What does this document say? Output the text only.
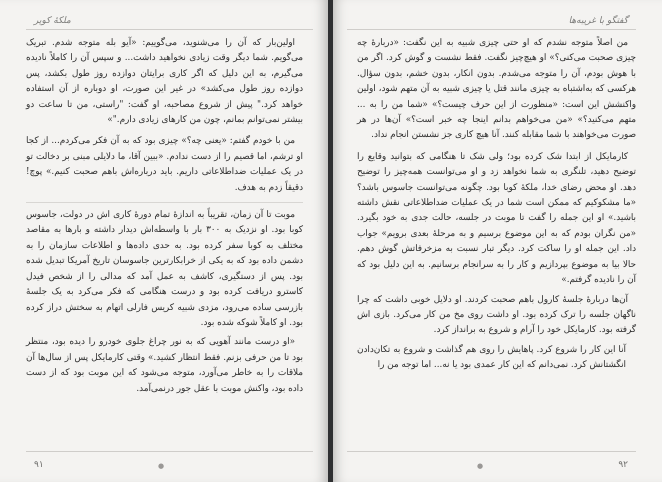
ملکهٔ کویر

اولین‌بار که آن را می‌شنوید، می‌گوییم: «آیو بله متوجه شدم. تبریک می‌گویم. شما دیگر وقت زیادی نخواهید داشت... و سپس آن را کاملاً نادیده می‌گیرم، به این دلیل که اگر کاری برایتان دوازده روز طول بکشد، پس دوازده روز طول می‌کشد» در غیر این صورت، او دوباره از آن استفاده خواهد کرد." پیش از شروع مصاحبه، او گفت: "راستی، من تا ساعت دو بیشتر نمی‌توانم بمانم، چون من کارهای زیادی دارم."»

من با خودم گفتم: «یعنی چه؟» چیزی بود که به آن فکر می‌کردم... از کجا او ترشم، اما قصیم را از دست ندادم. «ببین آقا، ما دلایلی مبنی بر دخالت تو در یک عملیات ضداطلاعاتی داریم. باید درباره‌اش باهم صحبت کنیم.» پوچ! دقیقاً زدم به هدف.

موبت تا آن زمان، تقریباً به اندازهٔ تمام دورهٔ کاری اش در دولت، جاسوس کوبا بود. او نزدیک به ۳۰۰ بار با واسطه‌اش دیدار داشته و بارها به مقاصد مختلف به کوبا سفر کرده بود. به حدی داده‌ها و اطلاعات سازمان را به دشمن داده بود که به یکی از خرابکارترین جاسوسان تاریخ آمریکا تبدیل شده بود. پس از دستگیری، کاشف به عمل آمد که مدالی را از شخص فیدل کاسترو دریافت کرده بود و درست هنگامی که فکر می‌کرد به یک جلسهٔ بازرسی ساده می‌رود، مزدی شبیه کریس فارلی اتهام به سختش دراز کرده بود. او کاملاً شوکه شده بود.

«او درست مانند آهویی که به نور چراغ جلوی خودرو را دیده بود، منتظر بود تا من حرفی بزنم. فقط انتظار کشید.» وقتی کارمایکل پس از سال‌ها آن ملاقات را به خاطر می‌آورد، متوجه می‌شود که این موبت بود که از دست داده بود، واکنش موبت با عقل جور درنمی‌آمد.

●
۹۱
گفتگو با غریبه‌ها

من اصلاً متوجه نشدم که او حتی چیزی شبیه به این نگفت: «دربارهٔ چه چیزی صحبت می‌کنی؟» او هیچ‌چیز نگفت. فقط نشست و گوش کرد. اگر من با هوش بودم، آن را متوجه می‌شدم. بدون انکار، بدون خشم، بدون سؤال. هرکسی که به‌اشتباه به چیزی مانند قتل یا چیزی شبیه به آن متهم شود، اولین واکنشش این است: «منظورت از این حرف چیست؟» «شما من را به ... متهم می‌کنید؟» «من می‌خواهم بدانم اینجا چه خبر است؟» آن‌ها در هر صورت می‌خواهند با شما مقابله کنند. آنا هیچ کاری جز نشستن انجام نداد.

کارمایکل از ابتدا شک کرده بود؛ ولی شک تا هنگامی که بتوانید وقایع را توضیح دهید، تلنگری به شما نخواهد زد و او می‌توانست همه‌چیز را توضیح دهد. او محض رضای خدا، ملکهٔ کوبا بود. چگونه می‌توانست جاسوس باشد؟ «ما مشکوکیم که ممکن است شما در یک عملیات ضداطلاعاتی نقش داشته باشید.» او این جمله را گفت تا موبت در جلسه، حالت جدی به خود بگیرد. «من نگران بودم که به این موضوع برسیم و به مرحلهٔ بعدی برویم» جواب داد. این جمله او را ساکت کرد. دیگر تبار نسبت به مزخرفاتش گوش دهم. حالا بیا به موضوع بپردازیم و کار را به سرانجام برسانیم. به این دلیل بود که آن را نادیده گرفتم.»

آن‌ها دربارهٔ جلسهٔ کارول باهم صحبت کردند. او دلایل خوبی داشت که چرا ناگهان جلسه را ترک کرده بود. او داشت روی مخ من کار می‌کرد. بازی اش گرفته بود. کارمایکل خود را آرام و شروع به برانداز کرد.

آنا این کار را شروع کرد. پاهایش را روی هم گذاشت و شروع به تکان‌دادن انگشتانش کرد. نمی‌دانم که این کار عمدی بود یا نه... اما توجه من را

●	۹۲
